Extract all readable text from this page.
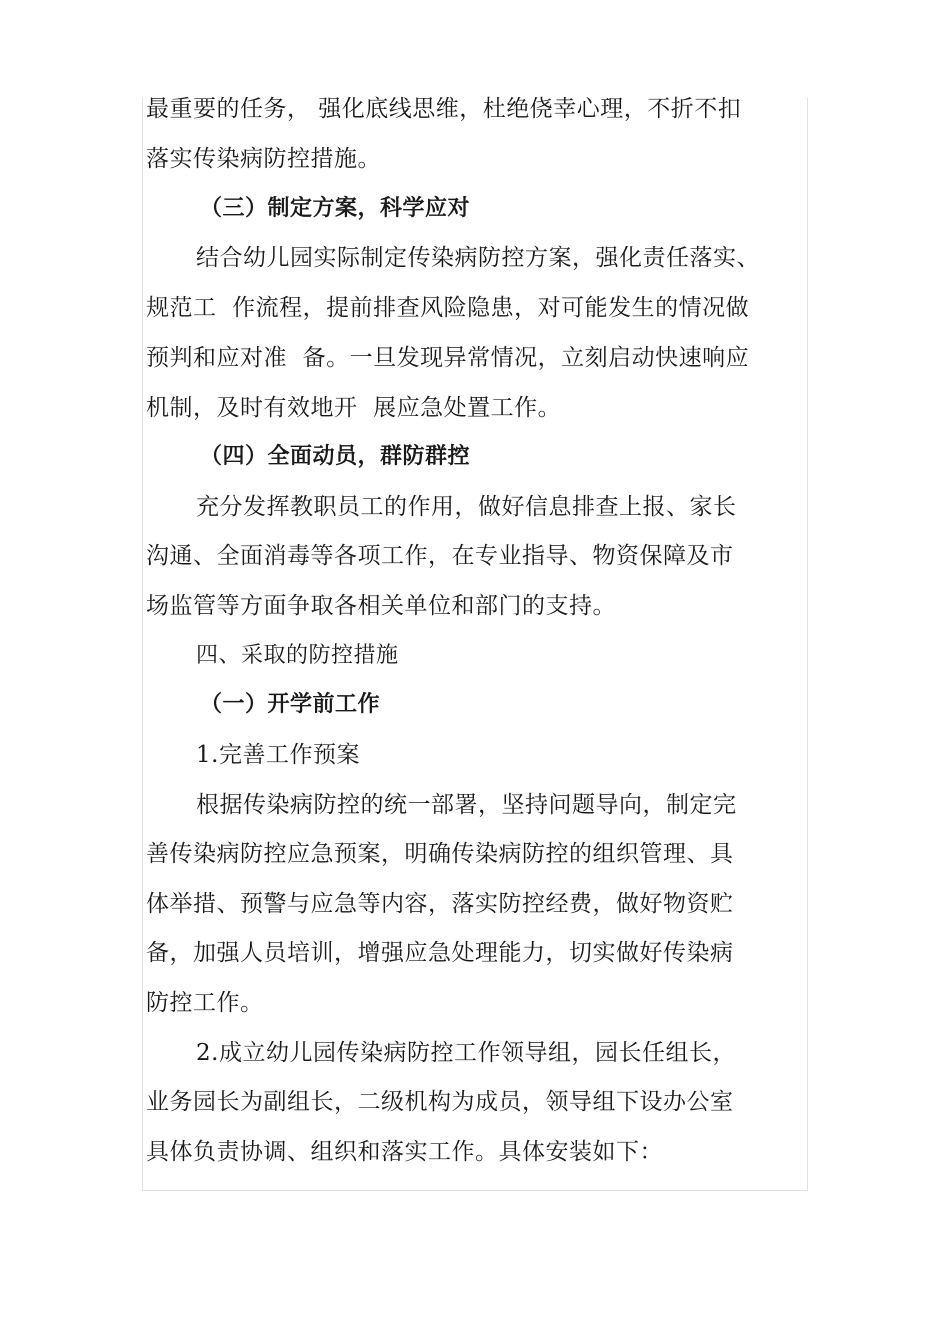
最重要的任务， 强化底线思维，杜绝侥幸心理，不折不扣
落实传染病防控措施。
（三）制定方案，科学应对
结合幼儿园实际制定传染病防控方案，强化责任落实、
规范工  作流程，提前排查风险隐患，对可能发生的情况做
预判和应对准  备。一旦发现异常情况，立刻启动快速响应
机制，及时有效地开  展应急处置工作。
（四）全面动员，群防群控
充分发挥教职员工的作用，做好信息排查上报、家长
沟通、全面消毒等各项工作，在专业指导、物资保障及市
场监管等方面争取各相关单位和部门的支持。
四、采取的防控措施
（一）开学前工作
1.完善工作预案
根据传染病防控的统一部署，坚持问题导向，制定完
善传染病防控应急预案，明确传染病防控的组织管理、具
体举措、预警与应急等内容，落实防控经费，做好物资贮
备，加强人员培训，增强应急处理能力，切实做好传染病
防控工作。
2.成立幼儿园传染病防控工作领导组，园长任组长，
业务园长为副组长，二级机构为成员，领导组下设办公室
具体负责协调、组织和落实工作。具体安装如下：
